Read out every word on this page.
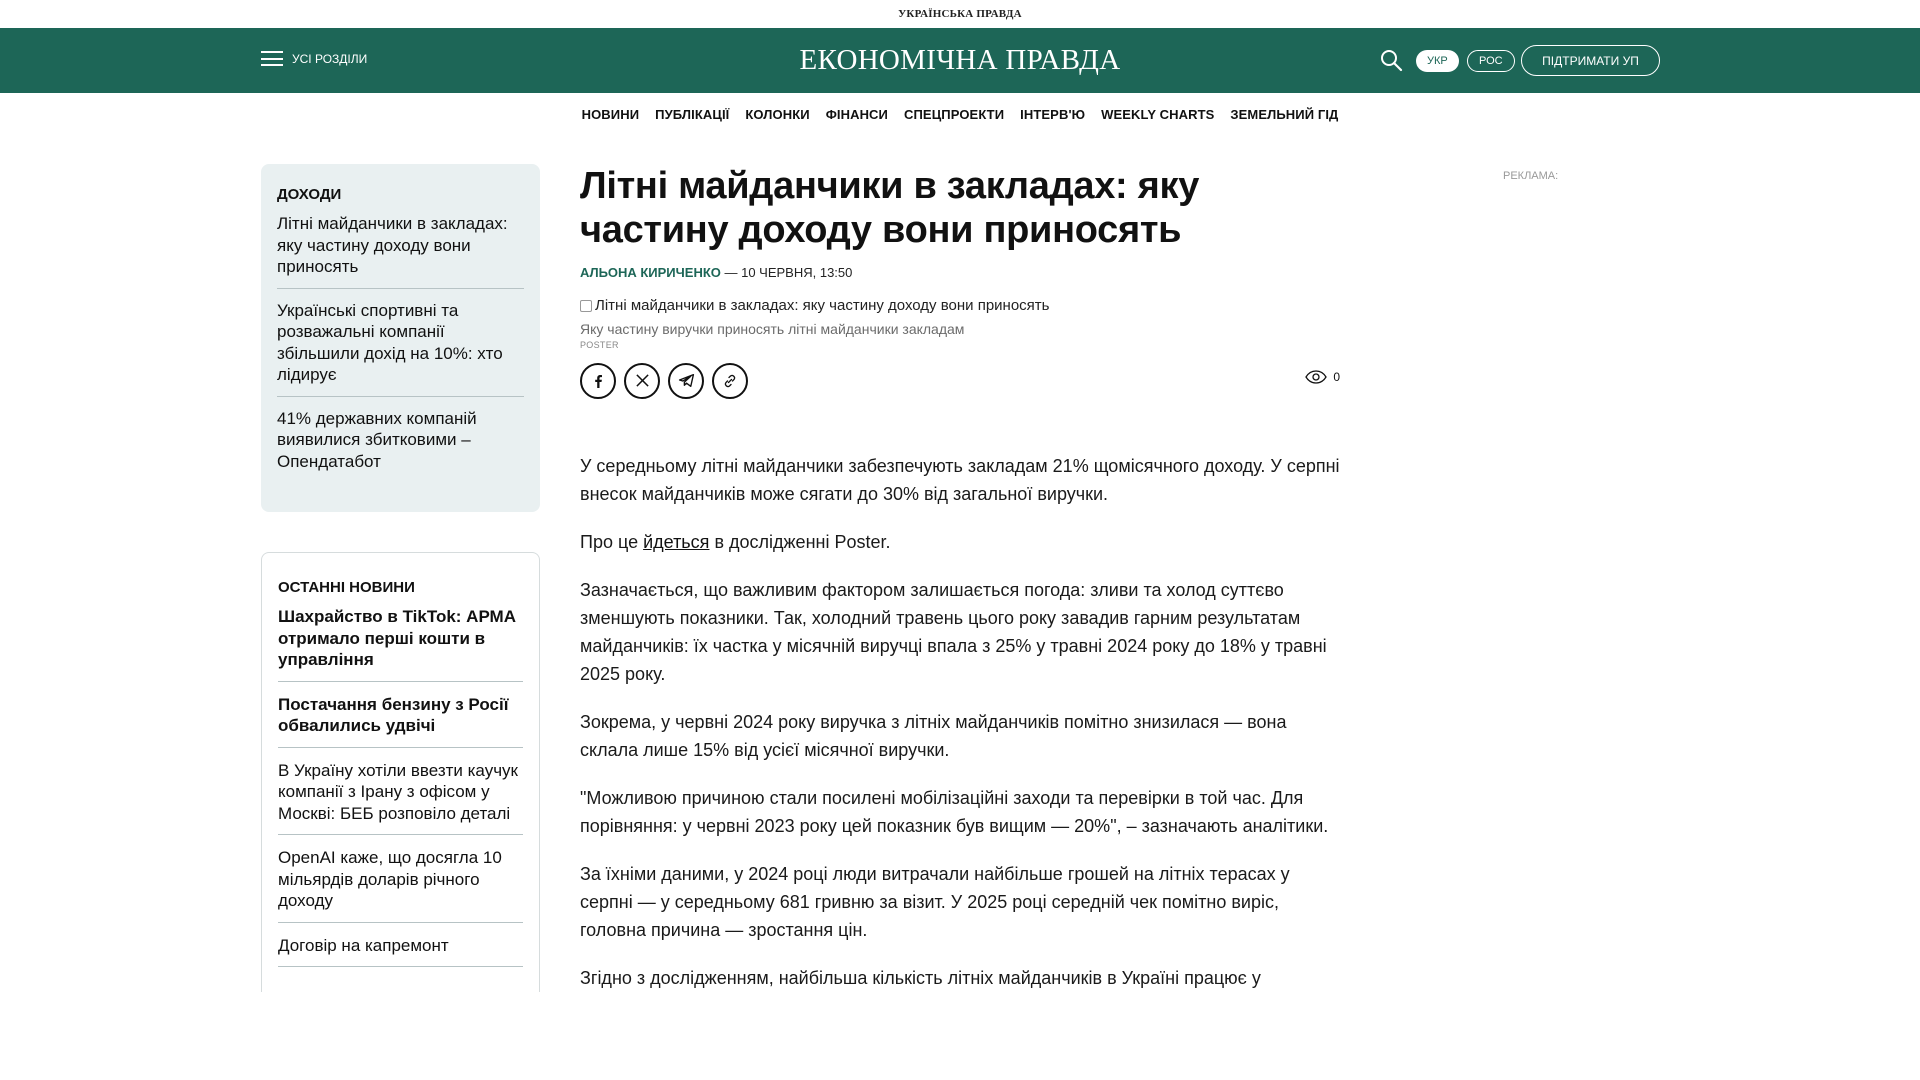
УКРАЇНСЬКА ПРАВДА
УСІ РОЗДІЛИ	ЕКОНОМІЧНА ПРАВДА	УКР	РОС	ПІДТРИМАТИ УП
НОВИНИ ПУБЛІКАЦІЇ КОЛОНКИ ФІНАНСИ СПЕЦПРОЕКТИ ІНТЕРВ'Ю WEEKLY CHARTS ЗЕМЕЛЬНИЙ ГІД
ДОХОДИ
Літні майданчики в закладах: яку частину доходу вони приносять
Українські спортивні та розважальні компанії збільшили дохід на 10%: хто лідирує
41% державних компаній виявилися збитковими – Опендатабот
ОСТАННІ НОВИНИ
Шахрайство в TikTok: АРМА отримало перші кошти в управління
Постачання бензину з Росії обвалились удвічі
В Україну хотіли ввезти каучук компанії з Ірану з офісом у Москві: БЕБ розповіло деталі
OpenAI каже, що досягла 10 мільярдів доларів річного доходу
Договір на капремонт
Літні майданчики в закладах: яку частину доходу вони приносять
АЛЬОНА КИРИЧЕНКО — 10 ЧЕРВНЯ, 13:50
Літні майданчики в закладах: яку частину доходу вони приносять
Яку частину виручки приносять літні майданчики закладам
POSTER
0

У середньому літні майданчики забезпечують закладам 21% щомісячного доходу. У серпні внесок майданчиків може сягати до 30% від загальної виручки.

Про це йдеться в дослідженні Poster.

Зазначається, що важливим фактором залишається погода: зливи та холод суттєво зменшують показники. Так, холодний травень цього року завадив гарним результатам майданчиків: їх частка у місячній виручці впала з 25% у травні 2024 року до 18% у травні 2025 року.

Зокрема, у червні 2024 року виручка з літніх майданчиків помітно знизилася — вона склала лише 15% від усієї місячної виручки.

"Можливою причиною стали посилені мобілізаційні заходи та перевірки в той час. Для порівняння: у червні 2023 року цей показник був вищим — 20%", – зазначають аналітики.

За їхніми даними, у 2024 році люди витрачали найбільше грошей на літніх терасах у серпні — у середньому 681 гривню за візит. У 2025 році середній чек помітно виріс, головна причина — зростання цін.

Згідно з дослідженням, найбільша кількість літніх майданчиків в Україні працює у

РЕКЛАМА:
